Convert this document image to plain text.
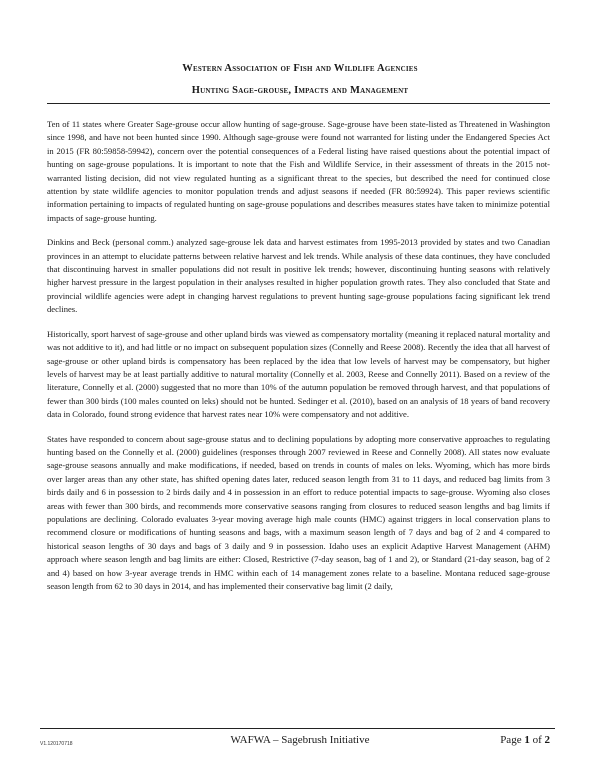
Western Association of Fish and Wildlife Agencies
Hunting Sage-grouse, Impacts and Management

Ten of 11 states where Greater Sage-grouse occur allow hunting of sage-grouse. Sage-grouse have been state-listed as Threatened in Washington since 1998, and have not been hunted since 1990. Although sage-grouse were found not warranted for listing under the Endangered Species Act in 2015 (FR 80:59858-59942), concern over the potential consequences of a Federal listing have raised questions about the potential impact of hunting on sage-grouse populations. It is important to note that the Fish and Wildlife Service, in their assessment of threats in the 2015 not-warranted listing decision, did not view regulated hunting as a significant threat to the species, but described the need for continued close attention by state wildlife agencies to monitor population trends and adjust seasons if needed (FR 80:59924). This paper reviews scientific information pertaining to impacts of regulated hunting on sage-grouse populations and describes measures states have taken to minimize potential impacts of sage-grouse hunting.

Dinkins and Beck (personal comm.) analyzed sage-grouse lek data and harvest estimates from 1995-2013 provided by states and two Canadian provinces in an attempt to elucidate patterns between relative harvest and lek trends. While analysis of these data continues, they have concluded that discontinuing harvest in smaller populations did not result in positive lek trends; however, discontinuing hunting seasons with relatively higher harvest pressure in the largest population in their analyses resulted in higher population growth rates. They also concluded that State and provincial wildlife agencies were adept in changing harvest regulations to prevent hunting sage-grouse populations facing significant lek trend declines.

Historically, sport harvest of sage-grouse and other upland birds was viewed as compensatory mortality (meaning it replaced natural mortality and was not additive to it), and had little or no impact on subsequent population sizes (Connelly and Reese 2008). Recently the idea that all harvest of sage-grouse or other upland birds is compensatory has been replaced by the idea that low levels of harvest may be compensatory, but higher levels of harvest may be at least partially additive to natural mortality (Connelly et al. 2003, Reese and Connelly 2011). Based on a review of the literature, Connelly et al. (2000) suggested that no more than 10% of the autumn population be removed through harvest, and that populations of fewer than 300 birds (100 males counted on leks) should not be hunted. Sedinger et al. (2010), based on an analysis of 18 years of band recovery data in Colorado, found strong evidence that harvest rates near 10% were compensatory and not additive.

States have responded to concern about sage-grouse status and to declining populations by adopting more conservative approaches to regulating hunting based on the Connelly et al. (2000) guidelines (responses through 2007 reviewed in Reese and Connelly 2008). All states now evaluate sage-grouse seasons annually and make modifications, if needed, based on trends in counts of males on leks. Wyoming, which has more birds over larger areas than any other state, has shifted opening dates later, reduced season length from 31 to 11 days, and reduced bag limits from 3 birds daily and 6 in possession to 2 birds daily and 4 in possession in an effort to reduce potential impacts to sage-grouse. Wyoming also closes areas with fewer than 300 birds, and recommends more conservative seasons ranging from closures to reduced season lengths and bag limits if populations are declining. Colorado evaluates 3-year moving average high male counts (HMC) against triggers in local conservation plans to recommend closure or modifications of hunting seasons and bags, with a maximum season length of 7 days and bag of 2 and 4 compared to historical season lengths of 30 days and bags of 3 daily and 9 in possession. Idaho uses an explicit Adaptive Harvest Management (AHM) approach where season length and bag limits are either: Closed, Restrictive (7-day season, bag of 1 and 2), or Standard (21-day season, bag of 2 and 4) based on how 3-year average trends in HMC within each of 14 management zones relate to a baseline. Montana reduced sage-grouse season length from 62 to 30 days in 2014, and has implemented their conservative bag limit (2 daily,

V1.120170718	WAFWA – Sagebrush Initiative	Page 1 of 2
